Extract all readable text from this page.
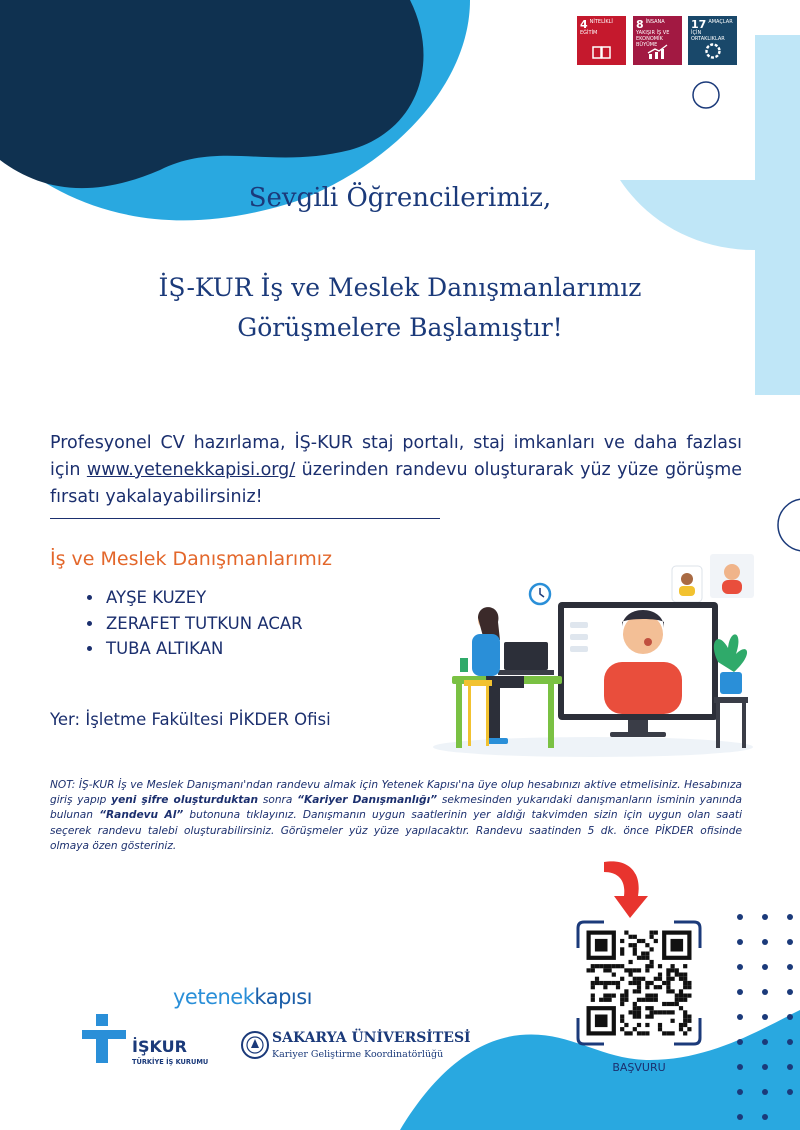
4 NİTELİKLİ EĞİTİM
8 İNSANA YAKIŞIR İŞ VE EKONOMİK BÜYÜME
17 AMAÇLAR İÇİN ORTAKLIKLAR
Sevgili Öğrencilerimiz,
İŞ-KUR İş ve Meslek Danışmanlarımız
Görüşmelere Başlamıştır!
Profesyonel CV hazırlama, İŞ-KUR staj portalı, staj imkanları ve daha fazlası için www.yetenekkapisi.org/ üzerinden randevu oluşturarak yüz yüze görüşme fırsatı yakalayabilirsiniz!
İş ve Meslek Danışmanlarımız
• AYŞE KUZEY
• ZERAFET TUTKUN ACAR
• TUBA ALTIKAN
Yer: İşletme Fakültesi PİKDER Ofisi
NOT: İŞ-KUR İş ve Meslek Danışmanı'ndan randevu almak için Yetenek Kapısı'na üye olup hesabınızı aktive etmelisiniz. Hesabınıza giriş yapıp yeni şifre oluşturduktan sonra “Kariyer Danışmanlığı” sekmesinden yukarıdaki danışmanların isminin yanında bulunan “Randevu Al” butonuna tıklayınız. Danışmanın uygun saatlerinin yer aldığı takvimden sizin için uygun olan saati seçerek randevu talebi oluşturabilirsiniz. Görüşmeler yüz yüze yapılacaktır. Randevu saatinden 5 dk. önce PİKDER ofisinde olmaya özen gösteriniz.
BAŞVURU
yetenekkapısı
İŞKUR
TÜRKİYE İŞ KURUMU
SAKARYA ÜNİVERSİTESİ
Kariyer Geliştirme Koordinatörlüğü
